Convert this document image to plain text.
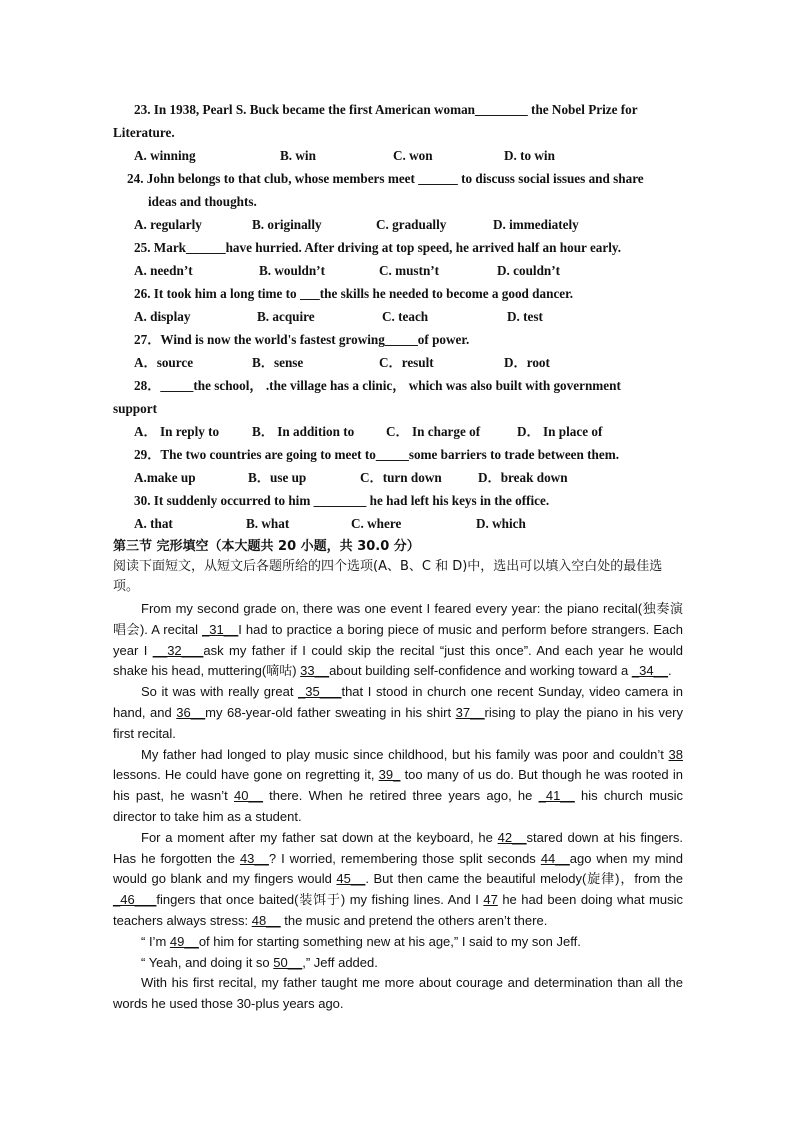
23. In 1938, Pearl S. Buck became the first American woman________ the Nobel Prize for
Literature.
A. winning	B. win	C. won	D. to win
24. John belongs to that club, whose members meet ______ to discuss social issues and share
ideas and thoughts.
A. regularly	B. originally	C. gradually	D. immediately
25. Mark______have hurried. After driving at top speed, he arrived half an hour early.
A. needn’t	B. wouldn’t	C. mustn’t	D. couldn’t
26. It took him a long time to ___the skills he needed to become a good dancer.
A. display	B. acquire	C. teach	D. test
27．Wind is now the world's fastest growing_____of power.
A．source	B．sense	C．result	D．root
28．_____the school， .the village has a clinic， which was also built with government
support
A． In reply to	B． In addition to	C． In charge of	D． In place of
29．The two countries are going to meet to_____some barriers to trade between them.
A.make up	B．use up	C．turn down	D．break down
30. It suddenly occurred to him ________ he had left his keys in the office.
A. that	B. what	C. where	D. which
第三节 完形填空（本大题共 20 小题，共 30.0 分）
阅读下面短文，从短文后各题所给的四个选项(A、B、C 和 D)中，选出可以填入空白处的最佳选项。

From my second grade on, there was one event I feared every year: the piano recital(独奏演唱会). A recital _31__I had to practice a boring piece of music and perform before strangers. Each year I __32___ask my father if I could skip the recital “just this once”. And each year he would shake his head, muttering(嘀咕) 33__about building self-confidence and working toward a _34__.

So it was with really great _35___that I stood in church one recent Sunday, video camera in hand, and 36__my 68-year-old father sweating in his shirt 37__rising to play the piano in his very first recital.

My father had longed to play music since childhood, but his family was poor and couldn’t 38 lessons. He could have gone on regretting it, 39_ too many of us do. But though he was rooted in his past, he wasn’t 40__ there. When he retired three years ago, he _41__ his church music director to take him as a student.

For a moment after my father sat down at the keyboard, he 42__stared down at his fingers. Has he forgotten the 43__? I worried, remembering those split seconds 44__ago when my mind would go blank and my fingers would 45__. But then came the beautiful melody(旋律)，from the _46___fingers that once baited(装饵于) my fishing lines. And I 47 he had been doing what music teachers always stress: 48__ the music and pretend the others aren’t there.

“ I’m 49__of him for starting something new at his age,” I said to my son Jeff.

“ Yeah, and doing it so 50__,” Jeff added.

With his first recital, my father taught me more about courage and determination than all the words he used those 30-plus years ago.
